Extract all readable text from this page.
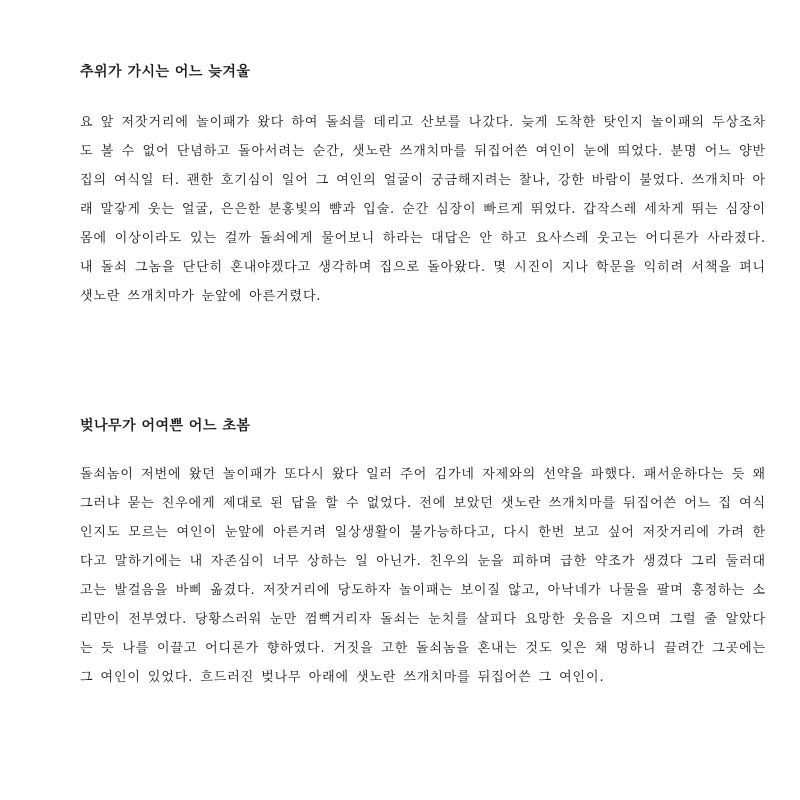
추위가 가시는 어느 늦겨울

요 앞 저잣거리에 놀이패가 왔다 하여 돌쇠를 데리고 산보를 나갔다. 늦게 도착한 탓인지 놀이패의 두상조차도 볼 수 없어 단념하고 돌아서려는 순간, 샛노란 쓰개치마를 뒤집어쓴 여인이 눈에 띄었다. 분명 어느 양반 집의 여식일 터. 괜한 호기심이 일어 그 여인의 얼굴이 궁금해지려는 찰나, 강한 바람이 불었다. 쓰개치마 아래 말갛게 웃는 얼굴, 은은한 분홍빛의 뺨과 입술. 순간 심장이 빠르게 뛰었다. 갑작스레 세차게 뛰는 심장이 몸에 이상이라도 있는 걸까 돌쇠에게 물어보니 하라는 대답은 안 하고 요사스레 웃고는 어디론가 사라졌다. 내 돌쇠 그놈을 단단히 혼내야겠다고 생각하며 집으로 돌아왔다. 몇 시진이 지나 학문을 익히려 서책을 펴니 샛노란 쓰개치마가 눈앞에 아른거렸다.

벚나무가 어여쁜 어느 초봄

돌쇠놈이 저번에 왔던 놀이패가 또다시 왔다 일러 주어 김가네 자제와의 선약을 파했다. 패서운하다는 듯 왜 그러냐 묻는 친우에게 제대로 된 답을 할 수 없었다. 전에 보았던 샛노란 쓰개치마를 뒤집어쓴 어느 집 여식인지도 모르는 여인이 눈앞에 아른거려 일상생활이 불가능하다고, 다시 한번 보고 싶어 저잣거리에 가려 한다고 말하기에는 내 자존심이 너무 상하는 일 아닌가. 친우의 눈을 피하며 급한 약조가 생겼다 그리 둘러대고는 발걸음을 바삐 옮겼다. 저잣거리에 당도하자 놀이패는 보이질 않고, 아낙네가 나물을 팔며 흥정하는 소리만이 전부였다. 당황스러워 눈만 껌뻑거리자 돌쇠는 눈치를 살피다 요망한 웃음을 지으며 그럴 줄 알았다는 듯 나를 이끌고 어디론가 향하였다. 거짓을 고한 돌쇠놈을 혼내는 것도 잊은 채 멍하니 끌려간 그곳에는 그 여인이 있었다. 흐드러진 벚나무 아래에 샛노란 쓰개치마를 뒤집어쓴 그 여인이.
